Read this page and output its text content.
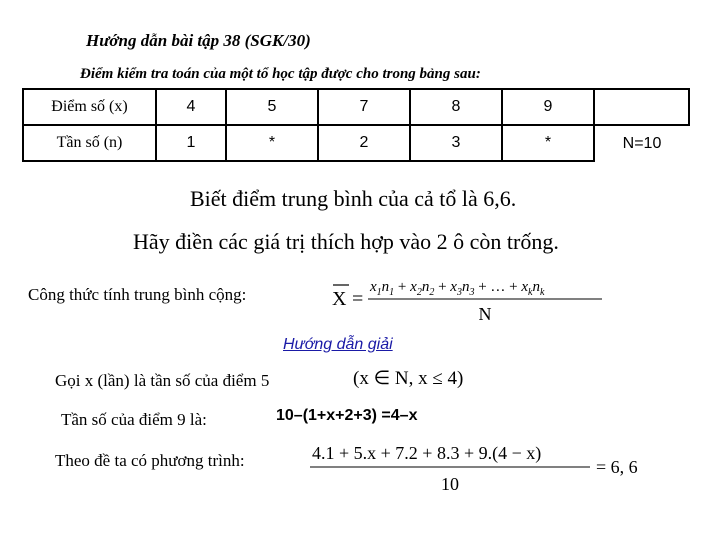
Hướng dẫn bài tập 38 (SGK/30)
Điểm kiểm tra toán của một tổ học tập được cho trong bảng sau:
Điểm số (x)	4	5	7	8	9	
Tần số (n)	1	*	2	3	*	N=10
Biết điểm trung bình của cả tổ là 6,6.
Hãy điền các giá trị thích hợp vào 2 ô còn trống.
Công thức tính trung bình cộng:	X =
$x_1n_1 + x_2n_2 + x_3n_3$ + … + $x_kn_k$
N
Hướng dẫn giải
Gọi x (lần) là tần số của điểm 5	(x ∈ N, x ≤ 4)
Tần số của điểm 9 là:	10–(1+x+2+3) =4–x
Theo đề ta có phương trình:	4.1 + 5.x + 7.2 + 8.3 + 9.(4 − x)
10
= 6, 6
